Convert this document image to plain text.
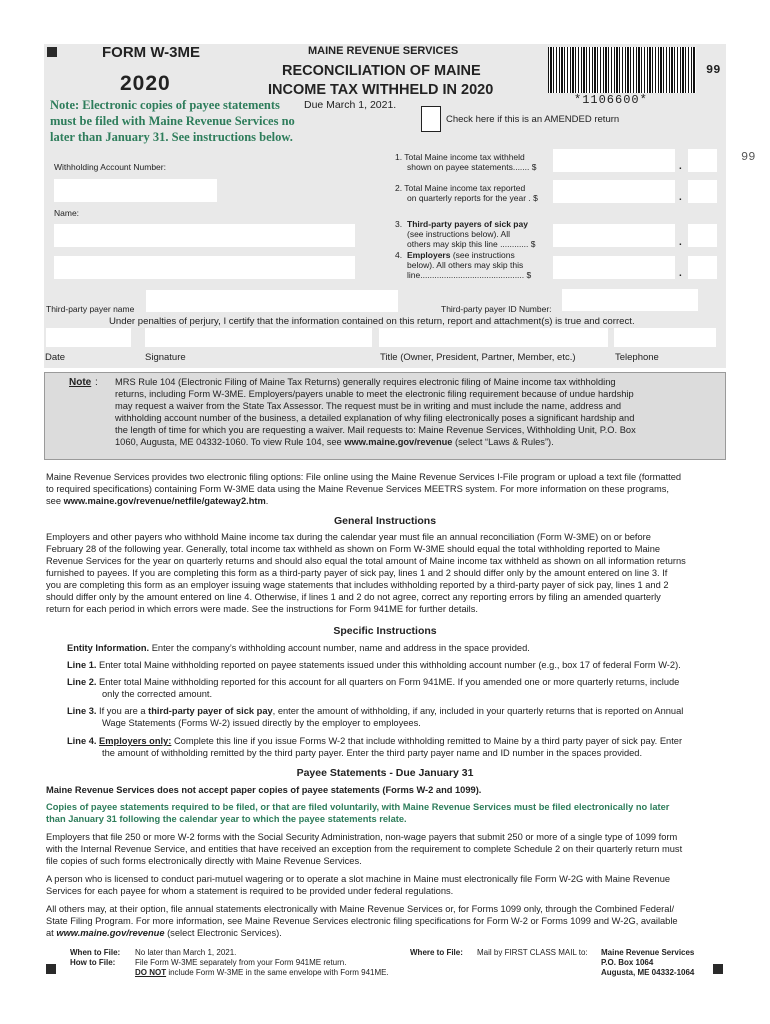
FORM W-3ME
2020
MAINE REVENUE SERVICES
RECONCILIATION OF MAINE
INCOME TAX WITHHELD IN 2020
Due March 1, 2021.	*1106600*
99
99
Note: Electronic copies of payee statements
must be filed with Maine Revenue Services no
later than January 31. See instructions below.
Check here if this is an AMENDED return
Withholding Account Number:
Name:
1. Total Maine income tax withheld
shown on payee statements....... $	.
2. Total Maine income tax reported
on quarterly reports for the year . $	.
3. Third-party payers of sick pay
(see instructions below). All
others may skip this line ............ $	.
4. Employers (see instructions
below). All others may skip this
line............................................ $	.
Third-party payer name	Third-party payer ID Number:
Under penalties of perjury, I certify that the information contained on this return, report and attachment(s) is true and correct.
Date	Signature	Title (Owner, President, Partner, Member, etc.)	Telephone
Note : MRS Rule 104 (Electronic Filing of Maine Tax Returns) generally requires electronic filing of Maine income tax withholding
returns, including Form W-3ME. Employers/payers unable to meet the electronic filing requirement because of undue hardship
may request a waiver from the State Tax Assessor. The request must be in writing and must include the name, address and
withholding account number of the business, a detailed explanation of why filing electronically poses a significant hardship and
the length of time for which you are requesting a waiver. Mail requests to: Maine Revenue Services, Withholding Unit, P.O. Box
1060, Augusta, ME 04332-1060. To view Rule 104, see www.maine.gov/revenue (select “Laws & Rules”).
Maine Revenue Services provides two electronic filing options: File online using the Maine Revenue Services I-File program or upload a text file (formatted
to required specifications) containing Form W-3ME data using the Maine Revenue Services MEETRS system. For more information on these programs,
see www.maine.gov/revenue/netfile/gateway2.htm.
General Instructions
Employers and other payers who withhold Maine income tax during the calendar year must file an annual reconciliation (Form W-3ME) on or before
February 28 of the following year. Generally, total income tax withheld as shown on Form W-3ME should equal the total withholding reported to Maine
Revenue Services for the year on quarterly returns and should also equal the total amount of Maine income tax withheld as shown on all information returns
furnished to payees. If you are completing this form as a third-party payer of sick pay, lines 1 and 2 should differ only by the amount entered on line 3. If
you are completing this form as an employer issuing wage statements that includes withholding reported by a third-party payer of sick pay, lines 1 and 2
should differ only by the amount entered on line 4. Otherwise, if lines 1 and 2 do not agree, correct any reporting errors by filing an amended quarterly
return for each period in which errors were made. See the instructions for Form 941ME for further details.
Specific Instructions
Entity Information. Enter the company’s withholding account number, name and address in the space provided.
Line 1. Enter total Maine withholding reported on payee statements issued under this withholding account number (e.g., box 17 of federal Form W-2).
Line 2. Enter total Maine withholding reported for this account for all quarters on Form 941ME. If you amended one or more quarterly returns, include
only the corrected amount.
Line 3. If you are a third-party payer of sick pay, enter the amount of withholding, if any, included in your quarterly returns that is reported on Annual
Wage Statements (Forms W-2) issued directly by the employer to employees.
Line 4. Employers only: Complete this line if you issue Forms W-2 that include withholding remitted to Maine by a third party payer of sick pay. Enter
the amount of withholding remitted by the third party payer. Enter the third party payer name and ID number in the spaces provided.
Payee Statements - Due January 31
Maine Revenue Services does not accept paper copies of payee statements (Forms W-2 and 1099).
Copies of payee statements required to be filed, or that are filed voluntarily, with Maine Revenue Services must be filed electronically no later
than January 31 following the calendar year to which the payee statements relate.
Employers that file 250 or more W-2 forms with the Social Security Administration, non-wage payers that submit 250 or more of a single type of 1099 form
with the Internal Revenue Service, and entities that have received an exception from the requirement to complete Schedule 2 on their quarterly return must
file copies of such forms electronically directly with Maine Revenue Services.
A person who is licensed to conduct pari-mutuel wagering or to operate a slot machine in Maine must electronically file Form W-2G with Maine Revenue
Services for each payee for whom a statement is required to be provided under federal regulations.
All others may, at their option, file annual statements electronically with Maine Revenue Services or, for Forms 1099 only, through the Combined Federal/
State Filing Program. For more information, see Maine Revenue Services electronic filing specifications for Form W-2 or Forms 1099 and W-2G, available
at www.maine.gov/revenue (select Electronic Services).
When to File: No later than March 1, 2021.
How to File: File Form W-3ME separately from your Form 941ME return.
DO NOT include Form W-3ME in the same envelope with Form 941ME.
Where to File: Mail by FIRST CLASS MAIL to: Maine Revenue Services
P.O. Box 1064
Augusta, ME 04332-1064
